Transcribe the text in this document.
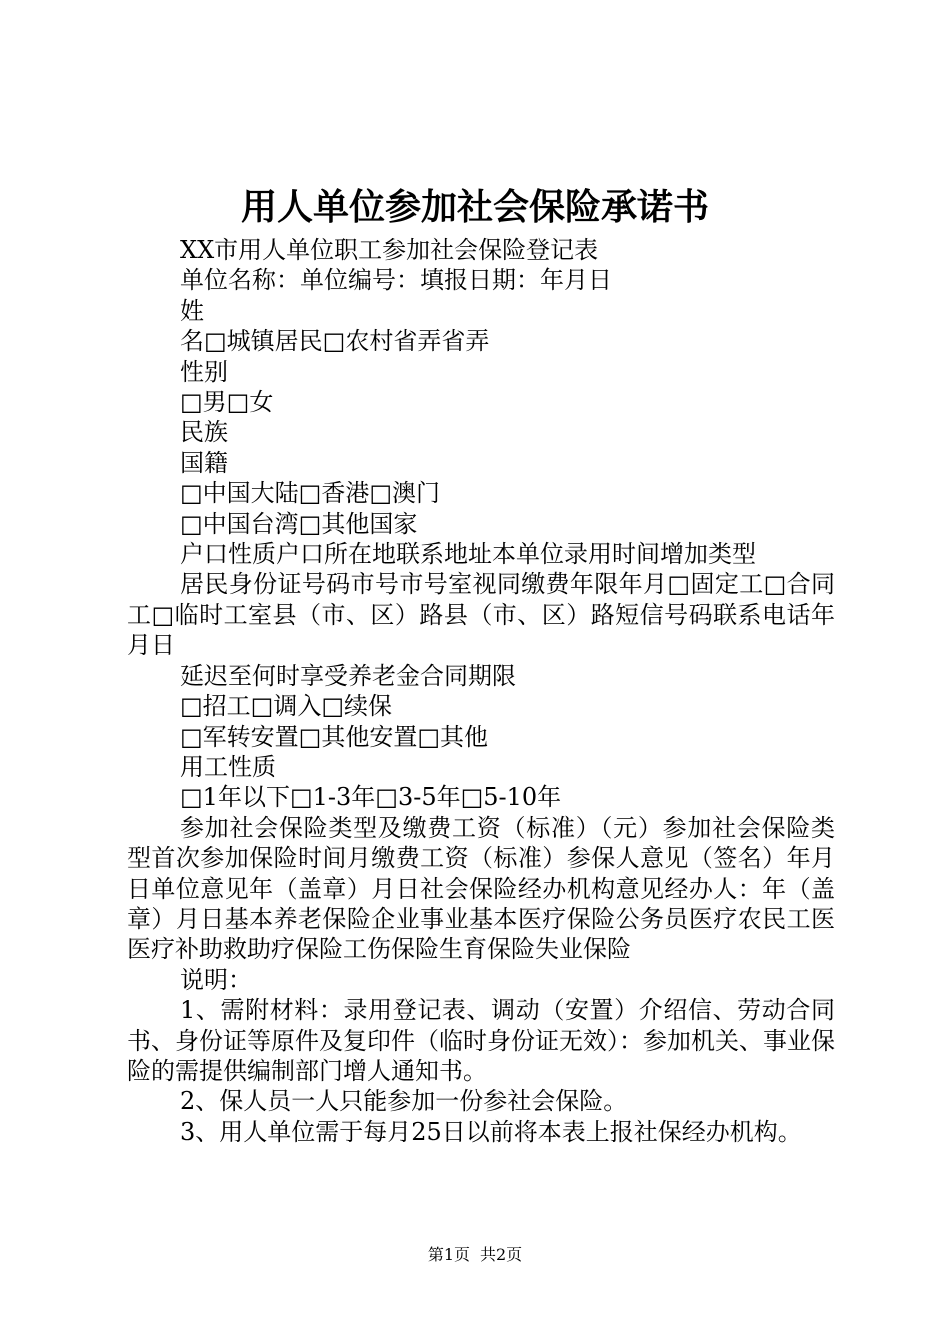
用人单位参加社会保险承诺书

XX市用人单位职工参加社会保险登记表

单位名称：单位编号：填报日期：年月日

姓

名□城镇居民□农村省弄省弄

性别

□男□女

民族

国籍

□中国大陆□香港□澳门

□中国台湾□其他国家

户口性质户口所在地联系地址本单位录用时间增加类型

居民身份证号码市号市号室视同缴费年限年月□固定工□合同工□临时工室县（市、区）路县（市、区）路短信号码联系电话年月日

延迟至何时享受养老金合同期限

□招工□调入□续保

□军转安置□其他安置□其他

用工性质

□1年以下□1-3年□3-5年□5-10年

参加社会保险类型及缴费工资（标准）（元）参加社会保险类型首次参加保险时间月缴费工资（标准）参保人意见（签名）年月日单位意见年（盖章）月日社会保险经办机构意见经办人：年（盖章）月日基本养老保险企业事业基本医疗保险公务员医疗农民工医医疗补助救助疗保险工伤保险生育保险失业保险

说明：

1、需附材料：录用登记表、调动（安置）介绍信、劳动合同书、身份证等原件及复印件（临时身份证无效）：参加机关、事业保险的需提供编制部门增人通知书。

2、保人员一人只能参加一份参社会保险。

3、用人单位需于每月25日以前将本表上报社保经办机构。

第1页 共2页
